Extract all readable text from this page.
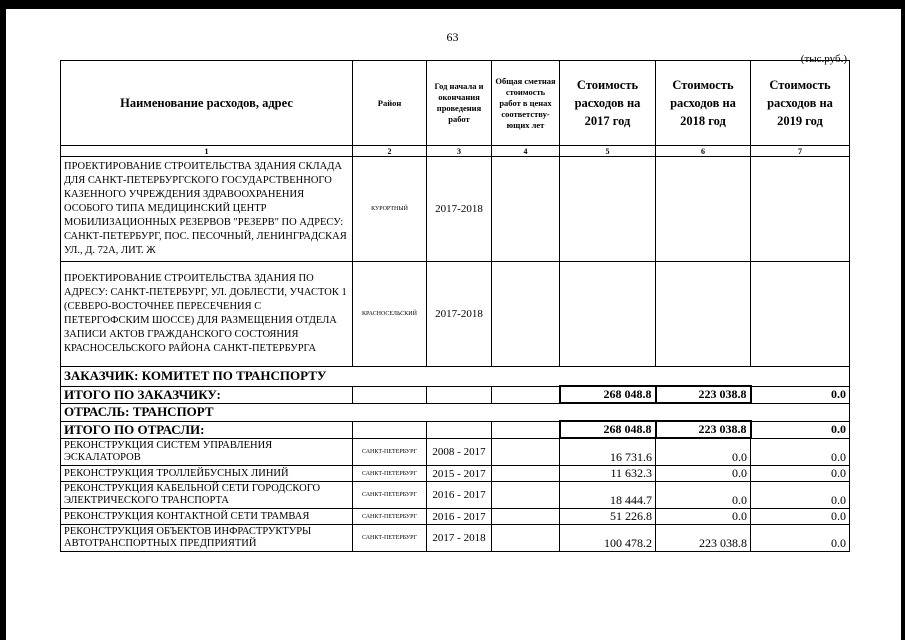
63
(тыс.руб.)
Наименование расходов, адрес	Район	Год начала и окончания проведения работ	Общая сметная стоимость работ в ценах соответству-ющих лет	Стоимость расходов на 2017 год	Стоимость расходов на 2018 год	Стоимость расходов на 2019 год
1	2	3	4	5	6	7
ПРОЕКТИРОВАНИЕ СТРОИТЕЛЬСТВА ЗДАНИЯ СКЛАДА ДЛЯ САНКТ-ПЕТЕРБУРГСКОГО ГОСУДАРСТВЕННОГО КАЗЕННОГО УЧРЕЖДЕНИЯ ЗДРАВООХРАНЕНИЯ ОСОБОГО ТИПА МЕДИЦИНСКИЙ ЦЕНТР МОБИЛИЗАЦИОННЫХ РЕЗЕРВОВ "РЕЗЕРВ" ПО АДРЕСУ: САНКТ-ПЕТЕРБУРГ, ПОС. ПЕСОЧНЫЙ, ЛЕНИНГРАДСКАЯ УЛ., Д. 72А, ЛИТ. Ж	КУРОРТНЫЙ	2017-2018				
ПРОЕКТИРОВАНИЕ СТРОИТЕЛЬСТВА ЗДАНИЯ ПО АДРЕСУ: САНКТ-ПЕТЕРБУРГ, УЛ. ДОБЛЕСТИ, УЧАСТОК 1 (СЕВЕРО-ВОСТОЧНЕЕ ПЕРЕСЕЧЕНИЯ С ПЕТЕРГОФСКИМ ШОССЕ) ДЛЯ РАЗМЕЩЕНИЯ ОТДЕЛА ЗАПИСИ АКТОВ ГРАЖДАНСКОГО СОСТОЯНИЯ КРАСНОСЕЛЬСКОГО РАЙОНА САНКТ-ПЕТЕРБУРГА	КРАСНОСЕЛЬСКИЙ	2017-2018				
ЗАКАЗЧИК: КОМИТЕТ ПО ТРАНСПОРТУ						
ИТОГО ПО ЗАКАЗЧИКУ:				268 048.8	223 038.8	0.0
ОТРАСЛЬ: ТРАНСПОРТ						
ИТОГО ПО ОТРАСЛИ:				268 048.8	223 038.8	0.0
РЕКОНСТРУКЦИЯ СИСТЕМ УПРАВЛЕНИЯ ЭСКАЛАТОРОВ	САНКТ-ПЕТЕРБУРГ	2008 - 2017		16 731.6	0.0	0.0
РЕКОНСТРУКЦИЯ ТРОЛЛЕЙБУСНЫХ ЛИНИЙ	САНКТ-ПЕТЕРБУРГ	2015 - 2017		11 632.3	0.0	0.0
РЕКОНСТРУКЦИЯ КАБЕЛЬНОЙ СЕТИ ГОРОДСКОГО ЭЛЕКТРИЧЕСКОГО ТРАНСПОРТА	САНКТ-ПЕТЕРБУРГ	2016 - 2017		18 444.7	0.0	0.0
РЕКОНСТРУКЦИЯ КОНТАКТНОЙ СЕТИ ТРАМВАЯ	САНКТ-ПЕТЕРБУРГ	2016 - 2017		51 226.8	0.0	0.0
РЕКОНСТРУКЦИЯ ОБЪЕКТОВ ИНФРАСТРУКТУРЫ АВТОТРАНСПОРТНЫХ ПРЕДПРИЯТИЙ	САНКТ-ПЕТЕРБУРГ	2017 - 2018		100 478.2	223 038.8	0.0
